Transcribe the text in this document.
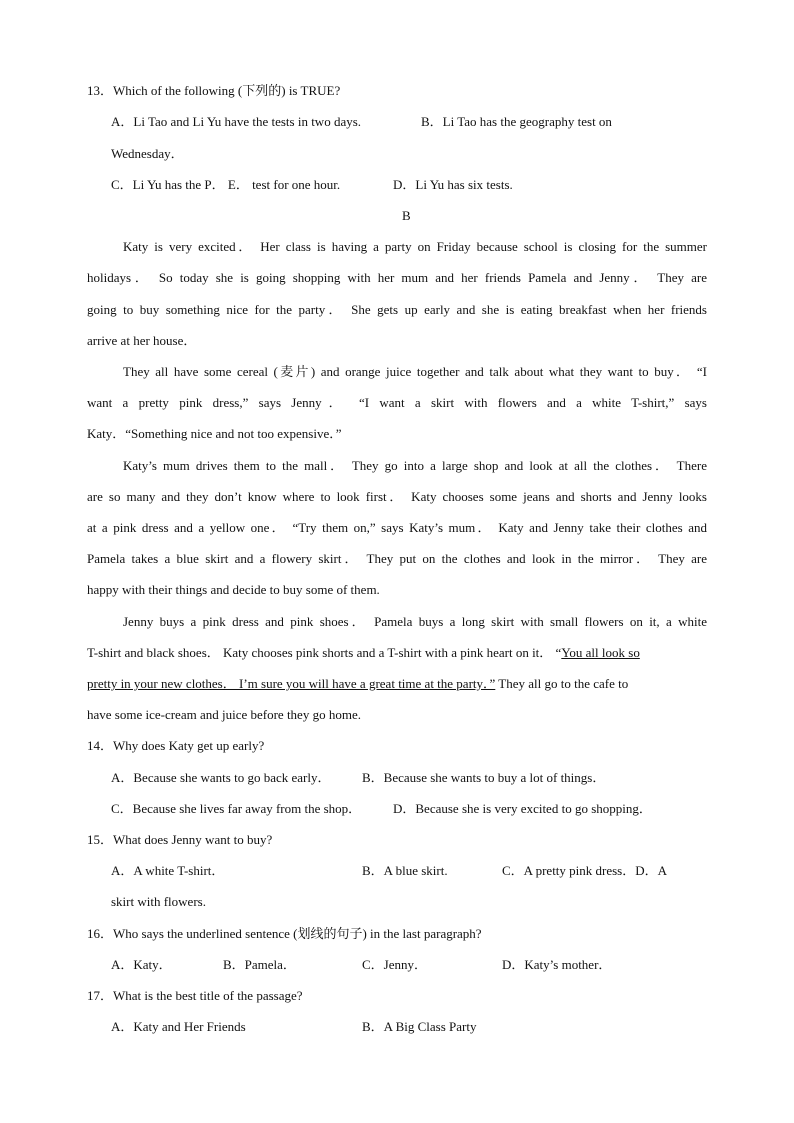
13．Which of the following (下列的) is TRUE?
A．Li Tao and Li Yu have the tests in two days.	B．Li Tao has the geography test on
Wednesday．
C．Li Yu has the P． E． test for one hour.	D．Li Yu has six tests.
B
Katy is very excited． Her class is having a party on Friday because school is closing for the summer
holidays． So today she is going shopping with her mum and her friends Pamela and Jenny． They are
going to buy something nice for the party． She gets up early and she is eating breakfast when her friends
arrive at her house．
They all have some cereal (麦片) and orange juice together and talk about what they want to buy． “I
want a pretty pink dress,” says Jenny． “I want a skirt with flowers and a white T-shirt,” says
Katy．“Something nice and not too expensive．”
Katy’s mum drives them to the mall． They go into a large shop and look at all the clothes． There
are so many and they don’t know where to look first． Katy chooses some jeans and shorts and Jenny looks
at a pink dress and a yellow one． “Try them on,” says Katy’s mum． Katy and Jenny take their clothes and
Pamela takes a blue skirt and a flowery skirt． They put on the clothes and look in the mirror． They are
happy with their things and decide to buy some of them.
Jenny buys a pink dress and pink shoes． Pamela buys a long skirt with small flowers on it, a white
T-shirt and black shoes． Katy chooses pink shorts and a T-shirt with a pink heart on it． “You all look so
pretty in your new clothes． I’m sure you will have a great time at the party．” They all go to the cafe to
have some ice-cream and juice before they go home.
14．Why does Katy get up early?
A．Because she wants to go back early． B．Because she wants to buy a lot of things．
C．Because she lives far away from the shop． D．Because she is very excited to go shopping．
15．What does Jenny want to buy?
A．A white T-shirt．	B．A blue skirt.	C．A pretty pink dress．D．A
skirt with flowers.
16．Who says the underlined sentence (划线的句子) in the last paragraph?
A．Katy．	B．Pamela．	C．Jenny．	D．Katy’s mother．
17．What is the best title of the passage?
A．Katy and Her Friends	B．A Big Class Party
